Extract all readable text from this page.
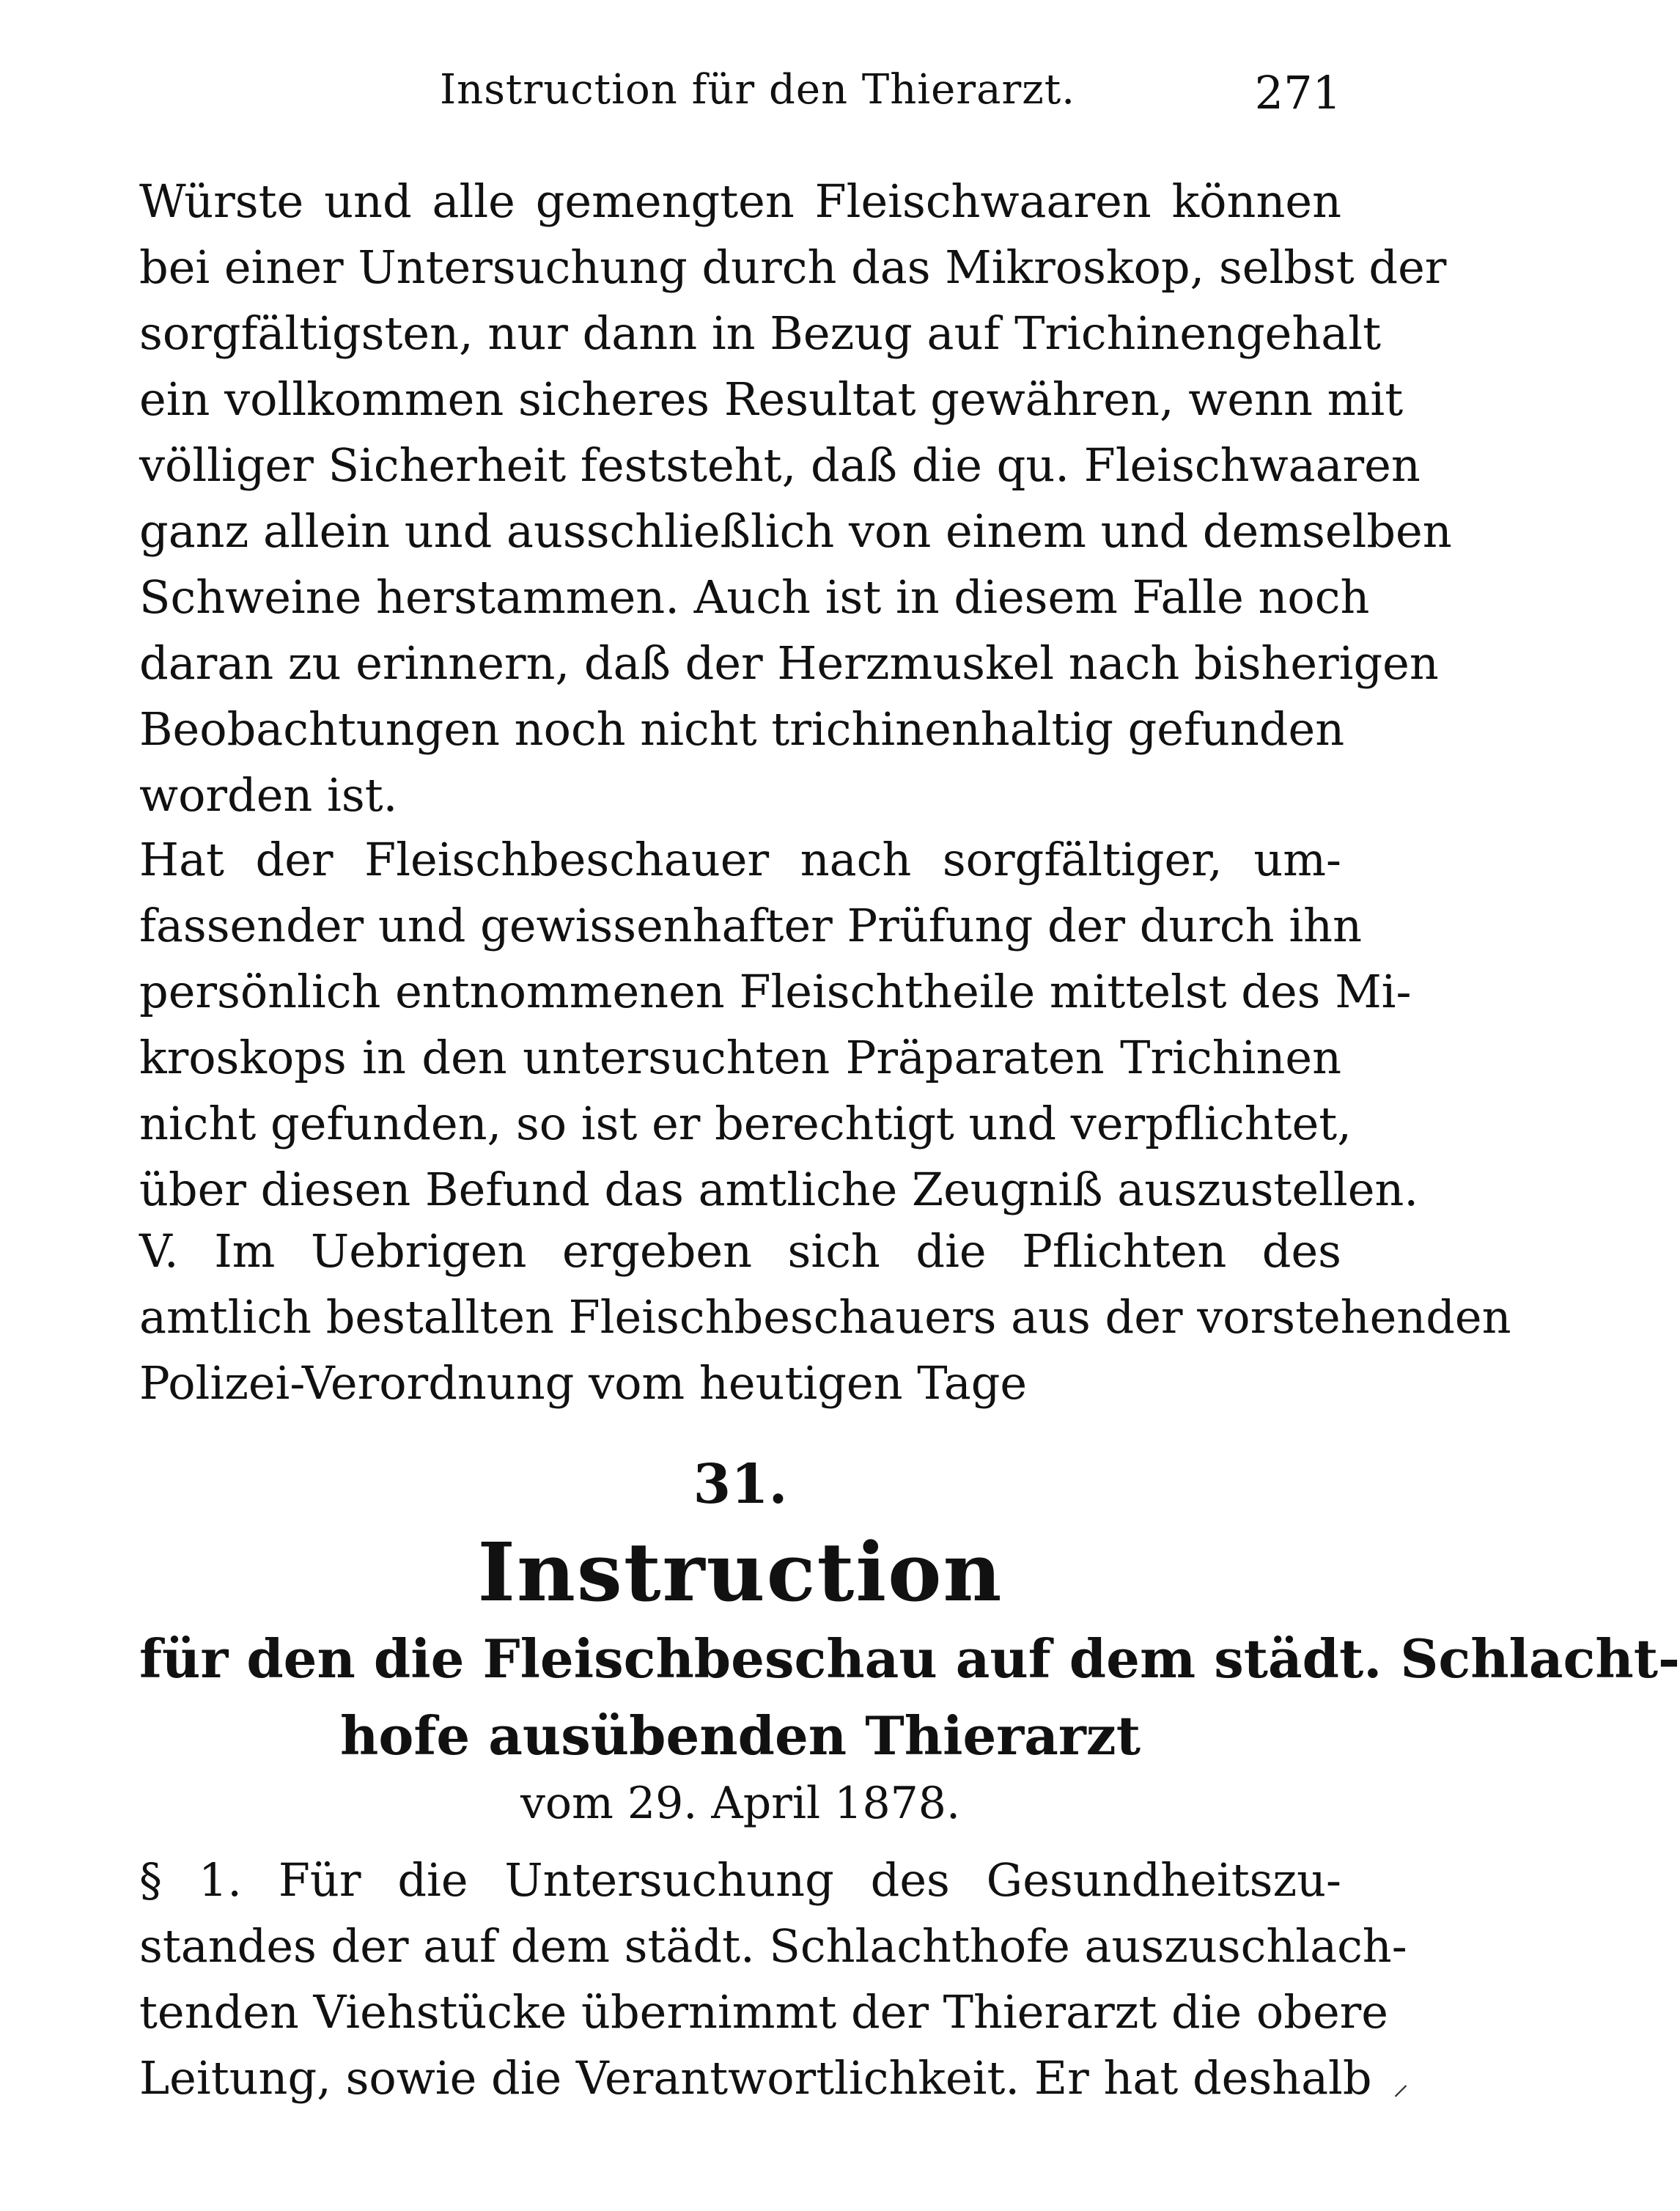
Instruction für den Thierarzt.	271
Würste und alle gemengten Fleischwaaren können
bei einer Untersuchung durch das Mikroskop, selbst der
sorgfältigsten, nur dann in Bezug auf Trichinengehalt
ein vollkommen sicheres Resultat gewähren, wenn mit
völliger Sicherheit feststeht, daß die qu. Fleischwaaren
ganz allein und ausschließlich von einem und demselben
Schweine herstammen. Auch ist in diesem Falle noch
daran zu erinnern, daß der Herzmuskel nach bisherigen
Beobachtungen noch nicht trichinenhaltig gefunden
worden ist.
Hat der Fleischbeschauer nach sorgfältiger, um-
fassender und gewissenhafter Prüfung der durch ihn
persönlich entnommenen Fleischtheile mittelst des Mi-
kroskops in den untersuchten Präparaten Trichinen
nicht gefunden, so ist er berechtigt und verpflichtet,
über diesen Befund das amtliche Zeugniß auszustellen.
V. Im Uebrigen ergeben sich die Pflichten des
amtlich bestallten Fleischbeschauers aus der vorstehenden
Polizei-Verordnung vom heutigen Tage
31.
Instruction
für den die Fleischbeschau auf dem städt. Schlacht-
hofe ausübenden Thierarzt
vom 29. April 1878.
§ 1. Für die Untersuchung des Gesundheitszu-
standes der auf dem städt. Schlachthofe auszuschlach-
tenden Viehstücke übernimmt der Thierarzt die obere
Leitung, sowie die Verantwortlichkeit. Er hat deshalb ⸝
